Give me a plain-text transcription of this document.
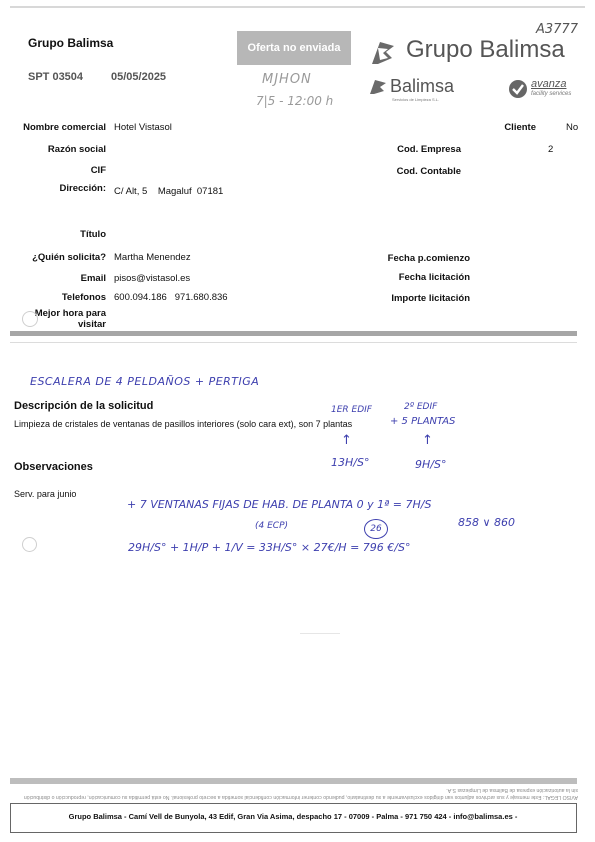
Grupo Balimsa
SPT 03504	05/05/2025
Oferta no enviada
MJHON
7|5 - 12:00 h
Grupo Balimsa
A3777
Balimsa
Servicios de Limpieza S.L.
avanza
facility services
Nombre comercial Hotel Vistasol
Razón social
CIF
Dirección: C/ Alt, 5    Magaluf  07181
Título
¿Quién solicita? Martha Menendez
Email pisos@vistasol.es
Telefonos 600.094.186   971.680.836
Mejor hora para visitar
Cliente	No
Cod. Empresa	2
Cod. Contable
Fecha p.comienzo
Fecha licitación
Importe licitación
ESCALERA DE 4 PELDAÑOS + PERTIGA
Descripción de la solicitud
Limpieza de cristales de ventanas de pasillos interiores (solo cara ext), son 7 plantas
1ER EDIF	2º EDIF
+ 5 PLANTAS
↑	↑
13H/S°	9H/S°
Observaciones
Serv. para junio
+ 7 VENTANAS FIJAS DE HAB. DE PLANTA 0 y 1ª = 7H/S
(4 ECP)	26	858 ∨ 860
29H/S° + 1H/P + 1/V = 33H/S° × 27€/H = 796 €/S°
AVISO LEGAL: Este mensaje y sus archivos adjuntos van dirigidos exclusivamente a su destinatario, pudiendo contener información confidencial sometida a secreto profesional. No está permitida su comunicación, reproducción o distribución sin la autorización expresa de Balimsa de Limpiezas S.A.
Grupo Balimsa - Camí Vell de Bunyola, 43 Edif, Gran Via Asima, despacho 17 - 07009 - Palma - 971 750 424 - info@balimsa.es -
